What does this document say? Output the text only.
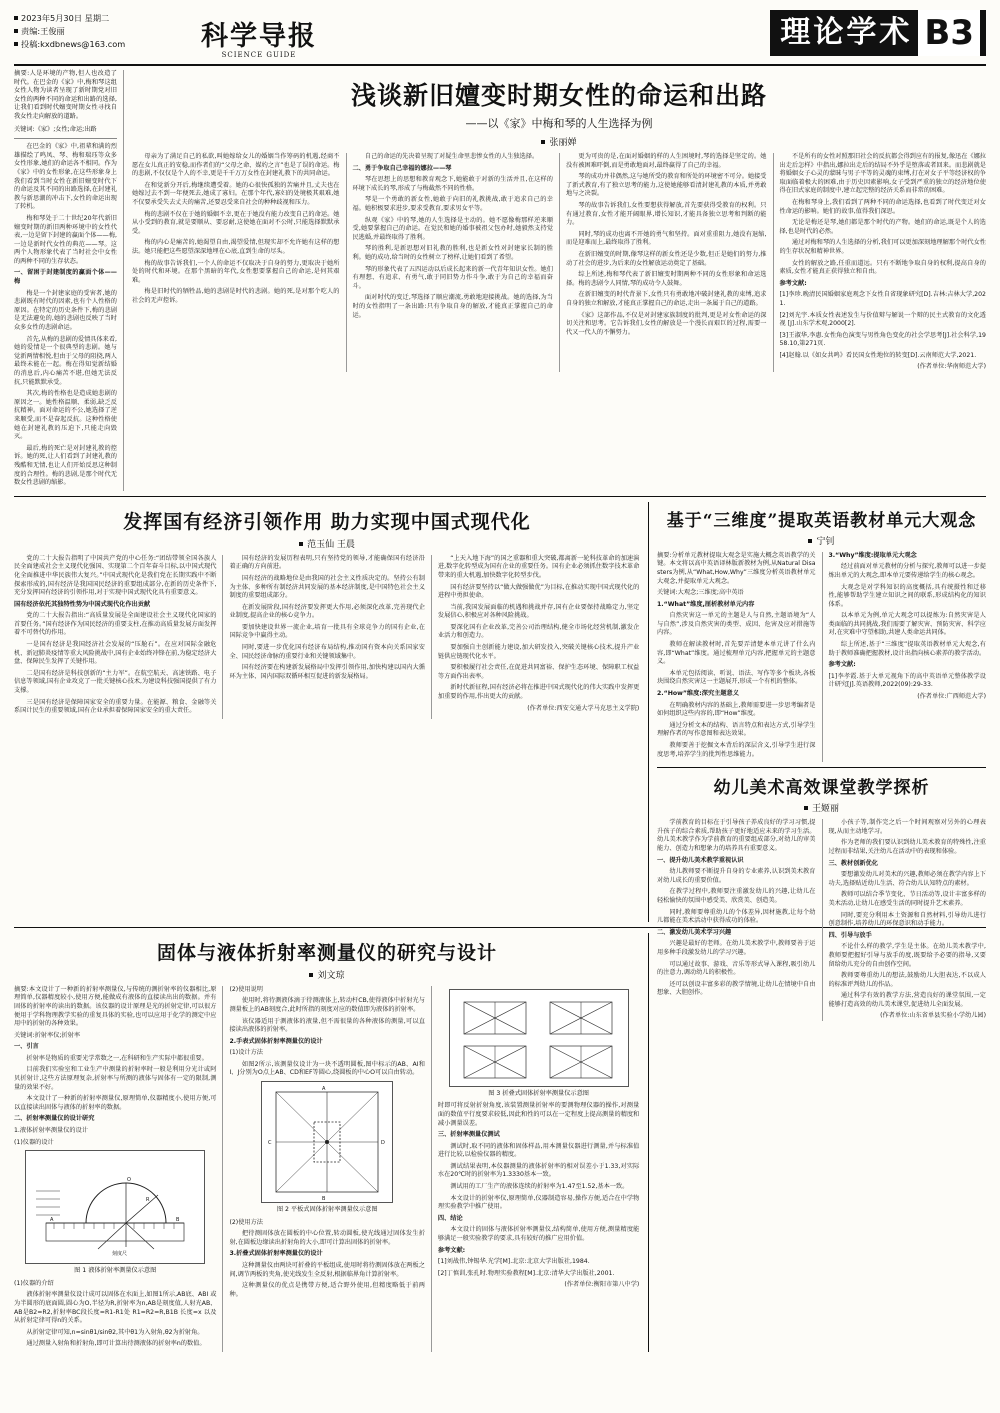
2023年5月30日 星期二
责编:王俊丽
投稿:kxdbnews@163.com	科学导报
SCIENCE GUIDE
理论学术 B3
摘要:人是环境的产物,但人也改造了时代。在巴金的《家》中,梅和琴这组女性人物为读者呈现了新时期党对旧女性的两种不同的命运和出路的选择,让我们看到时代嬗变时期女性寻找自我女性走向解放的道路。
关键词:《家》;女性;命运;出路

在巴金的《家》中,祖辈和满的烈雄描绘了鸣凤、琴、梅和瑞珏等众多女性形象,她们的命运各不相同。作为《家》中的女性形象,在这些形象身上我们看到当时女性在新旧嬗变时代下的命运及其不同的出路选择,在封建礼教与新思潮的冲击下,女性的命运出现了转机。

梅和琴处于二十世纪20年代新旧嬗变时期的新旧两种环境中的女性代表,一边是留下封建的赢面个体——梅,一边是新时代女性的典范——琴。这两个人物形象代表了当时社会中女性的两种不同的生存状态。

一、留困于封建制度的赢面个体——梅

梅是一个封建家庭的受害者,她的悲剧既有时代的因素,也有个人性格的原因。在特定的历史条件下,梅的悲剧是无法避免的,她的悲剧也反映了当时众多女性的悲剧命运。

首先,从梅的悲剧的爱情具体来看,她的爱情是一个很典型的悲剧。她与觉新两情相悦,但由于父母的阻挠,两人最终未能在一起。梅在得知觉新结婚的消息后,内心痛苦不堪,但她无法反抗,只能默默承受。

其次,梅的性格也是造成她悲剧的原因之一。她性格温顺、柔弱,缺乏反抗精神。面对命运的不公,她选择了逆来顺受,而不是奋起反抗。这种性格使她在封建礼教的压迫下,只能走向毁灭。

最后,梅的死亡是对封建礼教的控诉。她的死,让人们看到了封建礼教的残酷和无情,也让人们开始反思这种制度的合理性。梅的悲剧,是那个时代无数女性悲剧的缩影。

浅谈新旧嬗变时期女性的命运和出路
——以《家》中梅和琴的人生选择为例
张丽婵

母亲为了满足自己的私欲,叫她嫁给女儿的婚姻当作筹码的机遇,经商不愿在女儿真正的安稳,而作者们的“父母之命、媒妁之言”也是了误的命运。梅的悲剧,不仅仅是个人的不幸,更是千千万万女性在封建礼教下的共同命运。

在和觉新分开后,梅继续遭受着。她的心很快孤独的苦痛并且,丈夫也在她嫁过去不到一年便死去,她成了寡妇。在那个年代,寡妇的处境极其艰难,她不仅要承受失去丈夫的痛苦,还要忍受来自社会的种种歧视和压力。

梅的悲剧不仅在于她的婚姻不幸,更在于她没有能力改变自己的命运。她从小受到的教育,就是要顺从、要忍耐,这使她在面对不公时,只能选择默默承受。

梅的内心是痛苦的,她渴望自由,渴望爱情,但现实却不允许她有这样的想法。她只能把这些愿望深深地埋在心底,直到生命的尽头。

梅的故事告诉我们,一个人的命运不仅取决于自身的努力,更取决于她所处的时代和环境。在那个黑暗的年代,女性想要掌握自己的命运,是何其艰难。

梅是旧时代的牺牲品,她的悲剧是时代的悲剧。她的死,是对那个吃人的社会的无声控诉。

自己的命运的先决着呈现了对疑生命里悲惨女性的人生独选择。

二、勇于争取自己幸福的娜拉——琴

琴在思想上的思想和教育观念下,她能敢于对新的生活并且,在这样的环境下成长的琴,形成了与梅截然不同的性格。

琴是一个勇敢的新女性,她敢于向旧的礼教挑战,敢于追求自己的幸福。她积极要求进步,要求受教育,要求男女平等。

纵观《家》中的琴,她的人生选择是主动的。她不愿像梅那样逆来顺受,她要掌握自己的命运。在觉民和她的婚事被祖父包办时,她毅然支持觉民逃婚,并最终取得了胜利。

琴的胜利,是新思想对旧礼教的胜利,也是新女性对封建家长制的胜利。她的成功,给当时的女性树立了榜样,让她们看到了希望。

琴的形象代表了五四运动以后成长起来的新一代青年知识女性。她们有理想、有追求、有勇气,敢于同旧势力作斗争,敢于为自己的幸福而奋斗。

面对时代的变迁,琴选择了顺应潮流,勇敢地迎接挑战。她的选择,为当时的女性指明了一条出路:只有争取自身的解放,才能真正掌握自己的命运。

更为可贵的是,在面对婚姻的样的人生困境时,琴的选择是坚定的。她没有被困难吓倒,而是勇敢地面对,最终赢得了自己的幸福。

琴的成功并非偶然,这与她所受的教育和所处的环境密不可分。她接受了新式教育,有了独立思考的能力,这使她能够看清封建礼教的本质,并勇敢地与之决裂。

琴的故事告诉我们,女性要想获得解放,首先要获得受教育的权利。只有通过教育,女性才能开阔眼界,增长知识,才能具备独立思考和判断的能力。

同时,琴的成功也离不开她的勇气和坚持。面对重重阻力,她没有退缩,而是迎难而上,最终取得了胜利。

在新旧嬗变的时期,像琴这样的新女性还是少数,但正是她们的努力,推动了社会的进步,为后来的女性解放运动奠定了基础。

综上所述,梅和琴代表了新旧嬗变时期两种不同的女性形象和命运选择。梅的悲剧令人同情,琴的成功令人鼓舞。

在新旧嬗变的时代背景下,女性只有勇敢地冲破封建礼教的束缚,追求自身的独立和解放,才能真正掌握自己的命运,走出一条属于自己的道路。

《家》这部作品,不仅是对封建家族制度的批判,更是对女性命运的深切关注和思考。它告诉我们,女性的解放是一个漫长而艰巨的过程,需要一代又一代人的不懈努力。

不是所有的女性对照那旧社会的反抗都会得到应有的报复,像迅在《娜拉出走后怎样》中指出,娜拉出走后的结局不外乎是堕落或者回来。而悲剧就是将婚姻女子心灵的蒙昧与男子平等的灵魂的束缚,打在对女子平等经济权的争取面临着极大的困难,由于历史因素影响,女子受到严重的独立的经济地位使得在旧式家庭的制度中,建立起完整的经济关系而非常的困难。

在梅和琴身上,我们看到了两种不同的命运选择,也看到了时代变迁对女性命运的影响。她们的故事,值得我们深思。

无论是梅还是琴,她们都是那个时代的产物。她们的命运,既是个人的选择,也是时代的必然。

通过对梅和琴的人生选择的分析,我们可以更加深刻地理解那个时代女性的生存状况和精神世界。

女性的解放之路,任重而道远。只有不断地争取自身的权利,提高自身的素质,女性才能真正获得独立和自由。

参考文献:

[1]李珍.晚清民国婚姻家庭观念下女性自省现象研究[D].吉林:吉林大学,2021.

[2]刘光宇.本质女性表述发生与价值辩与解说一个辩的民主式教育的文化透视 [J].山东学术观,2000[2].

[3]王淑华,李惠.女性角色演变与男性角色变化的社会学思考[J].社会科学,1958.10,第271页.

[4]赵翰.以《如女共鸣》看民国女性地位的转变[D].云南师范大学,2021.

(作者单位:华南师范大学)
发挥国有经济引领作用 助力实现中国式现代化
范玉仙 王晨

党的二十大报告指明了中国共产党的中心任务:“团结带领全国各族人民全面建成社会主义现代化强国、实现第二个百年奋斗目标,以中国式现代化全面推进中华民族伟大复兴。”中国式现代化是我们党在长期实践中不断探索形成的,国有经济是我国国民经济的重要组成部分,在新的历史条件下,充分发挥国有经济的引领作用,对于实现中国式现代化具有重要意义。

国有经济依托其独特性势为中国式现代化作出贡献

党的二十大报告指出:“高质量发展是全面建设社会主义现代化国家的首要任务。”国有经济作为国民经济的重要支柱,在推动高质量发展方面发挥着不可替代的作用。

一是国有经济是我国经济社会发展的“压舱石”。在应对国际金融危机、新冠肺炎疫情等重大风险挑战中,国有企业始终冲锋在前,为稳定经济大盘、保障民生发挥了关键作用。

二是国有经济是科技创新的“主力军”。在航空航天、高速铁路、电子信息等领域,国有企业攻克了一批关键核心技术,为建设科技强国提供了有力支撑。

三是国有经济是保障国家安全的重要力量。在能源、粮食、金融等关系国计民生的重要领域,国有企业承担着保障国家安全的重大责任。

国有经济的发展历程表明,只有坚持党的领导,才能确保国有经济沿着正确的方向前进。

国有经济的战略地位是由我国的社会主义性质决定的。坚持公有制为主体、多种所有制经济共同发展的基本经济制度,是中国特色社会主义制度的重要组成部分。

在新发展阶段,国有经济要发挥更大作用,必须深化改革,完善现代企业制度,提高企业的核心竞争力。

要加快建设世界一流企业,培育一批具有全球竞争力的国有企业,在国际竞争中赢得主动。

同时,要进一步优化国有经济布局结构,推动国有资本向关系国家安全、国民经济命脉的重要行业和关键领域集中。

国有经济要在构建新发展格局中发挥引领作用,加快构建以国内大循环为主体、国内国际双循环相互促进的新发展格局。

“上天入地下海”的国之重器和重大突破,都离新一轮科技革命的加速演进,数字化转型成为国有企业的重要任务。国有企业必须抓住数字技术革命带来的重大机遇,加快数字化转型步伐。

国有经济要坚持以“做大做强做优”为目标,在推动实现中国式现代化的进程中勇担使命。

当前,我国发展面临的机遇和挑战并存,国有企业要保持战略定力,坚定发展信心,积极应对各种风险挑战。

要深化国有企业改革,完善公司治理结构,健全市场化经营机制,激发企业活力和创造力。

要加强自主创新能力建设,加大研发投入,突破关键核心技术,提升产业链供应链现代化水平。

要积极履行社会责任,在促进共同富裕、保护生态环境、保障职工权益等方面作出表率。

新时代新征程,国有经济必将在推进中国式现代化的伟大实践中发挥更加重要的作用,作出更大的贡献。

(作者单位:西安交通大学马克思主义学院)
基于“三维度”提取英语教材单元大观念
宁钊
摘要:分析单元教材提取大观念是实施大概念英语教学的关键。本文将以高中英语译林版新教材为例,从Natural Disasters为例,从“What,How,Why”三维度分析英语教材单元大观念,并提取单元大观念。
关键词:大观念;三维度;高中英语

1.“What”维度,厘析教材单元内容

自然灾害这一单元的主题是人与自然,主题语境为“人与自然”,涉及自然灾害的类型、成因、危害及应对措施等内容。

教师在解读教材时,首先要弄清楚本单元讲了什么内容,即“What”维度。通过梳理单元内容,把握单元的主题意义。

本单元包括阅读、听说、语法、写作等多个板块,各板块围绕自然灾害这一主题展开,形成一个有机的整体。

2.“How”维度:深究主题意义

在明确教材内容的基础上,教师需要进一步思考编者是如何组织这些内容的,即“How”维度。

通过分析文本的结构、语言特点和表达方式,引导学生理解作者的写作意图和表达效果。

教师要善于挖掘文本背后的深层含义,引导学生进行深度思考,培养学生的批判性思维能力。

3.“Why”维度:提取单元大观念

经过前面对单元教材的分析与探究,教师可以进一步提炼出单元的大观念,即本单元要传递给学生的核心观念。

大观念是对学科知识的高度概括,具有统摄性和迁移性,能够帮助学生建立知识之间的联系,形成结构化的知识体系。

以本单元为例,单元大观念可以提炼为:自然灾害是人类面临的共同挑战,我们需要了解灾害、预防灾害、科学应对,在灾难中守望相助,共建人类命运共同体。

综上所述,基于“三维度”提取英语教材单元大观念,有助于教师准确把握教材,设计出指向核心素养的教学活动。

参考文献:

[1]李孝霞.基于大单元视角下的高中英语单元整体教学设计研究[J].英语教师,2022(09):29-33.

(作者单位:广西师范大学)
幼儿美术高效课堂教学探析
王姬丽

学前教育的目标在于引导孩子养成良好的学习习惯,提升孩子的综合素质,帮助孩子更好地适应未来的学习生活。幼儿美术教学作为学前教育的重要组成部分,对幼儿的审美能力、创造力和想象力的培养具有重要意义。

一、提升幼儿美术教学重视认识

幼儿教师要不断提升自身的专业素养,认识到美术教育对幼儿成长的重要价值。

在教学过程中,教师要注重激发幼儿的兴趣,让幼儿在轻松愉快的氛围中感受美、欣赏美、创造美。

同时,教师要尊重幼儿的个体差异,因材施教,让每个幼儿都能在美术活动中获得成功的体验。

二、激发幼儿美术学习兴趣

兴趣是最好的老师。在幼儿美术教学中,教师要善于运用多种手段激发幼儿的学习兴趣。

可以通过故事、游戏、音乐等形式导入课程,吸引幼儿的注意力,调动幼儿的积极性。

还可以创设丰富多彩的教学情境,让幼儿在情境中自由想象、大胆创作。

小孩子等,制作完之后一个时间观察对另外的心理表现,从而主动地学习。

作为老师的我们要认识到幼儿美术教育的特殊性,注重过程而非结果,关注幼儿在活动中的表现和体验。

三、教材创新优化

要想激发幼儿对美术的兴趣,教师必须在教学内容上下功夫,选择贴近幼儿生活、符合幼儿认知特点的素材。

教师可以结合季节变化、节日活动等,设计丰富多样的美术活动,让幼儿在感受生活的同时提升艺术素养。

同时,要充分利用本土资源和自然材料,引导幼儿进行创意制作,培养幼儿的环保意识和动手能力。

四、引导与放手

不论什么样的教学,学生是主体。在幼儿美术教学中,教师要把握好引导与放手的度,既要给予必要的指导,又要留给幼儿充分的自由创作空间。

教师要尊重幼儿的想法,鼓励幼儿大胆表达,不以成人的标准评判幼儿的作品。

通过科学有效的教学方法,营造良好的课堂氛围,一定能够打造高效的幼儿美术课堂,促进幼儿全面发展。

(作者单位:山东省单县实验小学幼儿园)
固体与液体折射率测量仪的研究与设计
刘文琼
摘要:本文设计了一种新的折射率测量仪,与传统的测折射率的仪器相比,原理简单,仪器精度较小,使用方便,能做成有液体的直接读出出的数据。并有固体的折射率的读出的数据。该仪器的设计原理是光的折射定律,可以很方便用于学科物理教学实验的重复具体的实验,也可以应用于化学的测定中应用中的折射的各种效果。
关键词:折射率仪;折射率

一、引言

折射率是物质的重要光学常数之一,在科研和生产实际中都很重要。

目前我们实验室和工业生产中测量的折射率时一般是利用分光计或阿贝折射计,这些方法原理复杂,折射率与所测的液体与固体有一定的限制,测量的效果不好。

本文设计了一种新的折射率测量仪,原理简单,仪器精度小,使用方便,可以直接读出固体与液体的折射率的数据。

二、折射率测量仪的设计研究

1.液体折射率测量仪的设计

(1)仪器的设计

O
R
刻度尺
B
A
图 1 液体折射率测量仪示意图

(1)仪器的介绍

液体折射率测量仪设计成可以固体在水面上,如图1所示,AB底、ABI 或为半圆形的底面圆,圆心为O,半径为R,折射率为n,AB是刻度值,人射光AB、AB是B2=R2,折射率BC段长度=R1-R1处 R1=R2=R,B1B 长度=x 以及从折射定律可得n的关系。

从折射定律可知,n=sinθ1/sinθ2,其中θ1为入射角,θ2为折射角。

通过测量入射角和折射角,即可计算出待测液体的折射率n的数值。

(2)使用说明

使用时,将待测液体滴于待测液体上,转动杆CB,使得液体中折射光与测量板上的AB刻度合,此时所指的刻度对应的数值即为液体的折射率。

该仪器适用于测液体的液量,但不需很量的各种液体的测量,可以直接读出液体的折射率。

2.手表式固体折射率测量仪的设计

(1)设计方法

如图2所示,该测量仪设计为一块不透明圆板,图中标示的AB、AI和I、J分别为O点上AB、CD和EF等圆心,绕圆板的中心O可以自由转动。

A
B
C	D
图 2 平板式固体折射率测量仪示意图

(2)使用方法

把待测固体放在圆板的中心位置,转动圆板,使光线通过固体发生折射,在圆板边缘读出折射角的大小,即可计算出固体的折射率。

3.折叠式固体折射率测量仪的设计

这种测量仪由两块可折叠的平板组成,使用时将待测固体放在两板之间,调节两板的夹角,使光线发生全反射,根据临界角计算折射率。

这种测量仪的优点是携带方便,适合野外使用,但精度略低于前两种。

图 3 折叠式固体折射率测量仪示意图

时即可将反射折射角度,该装置测量折射率的要测物理仪器的操作,对测量面的数值平行度要求较低,因此和性的可以在一定程度上提高测量的精度和减小测量误差。

三、折射率测量仪测试

测试时,取不同的液体和固体样品,用本测量仪器进行测量,并与标准值进行比较,以检验仪器的精度。

测试结果表明,本仪器测量的液体折射率的相对误差小于1.33,对实际水在20℃时的折射率为1.3330基本一致。

测试用的工厂生产的液体连续的折射率为1.47至1.52,基本一致。

本文设计的折射率仪,原理简单,仪器制造容易,操作方便,适合在中学物理实验教学中推广使用。

四、结论

本文设计的固体与液体折射率测量仪,结构简单,使用方便,测量精度能够满足一般实验教学的要求,具有较好的推广应用价值。

参考文献:

[1]刘战伟,钟锡华.光学[M].北京:北京大学出版社,1984.

[2]丁慎训,张孔时.物理实验教程[M].北京:清华大学出版社,2001.

(作者单位:衡阳市第八中学)
